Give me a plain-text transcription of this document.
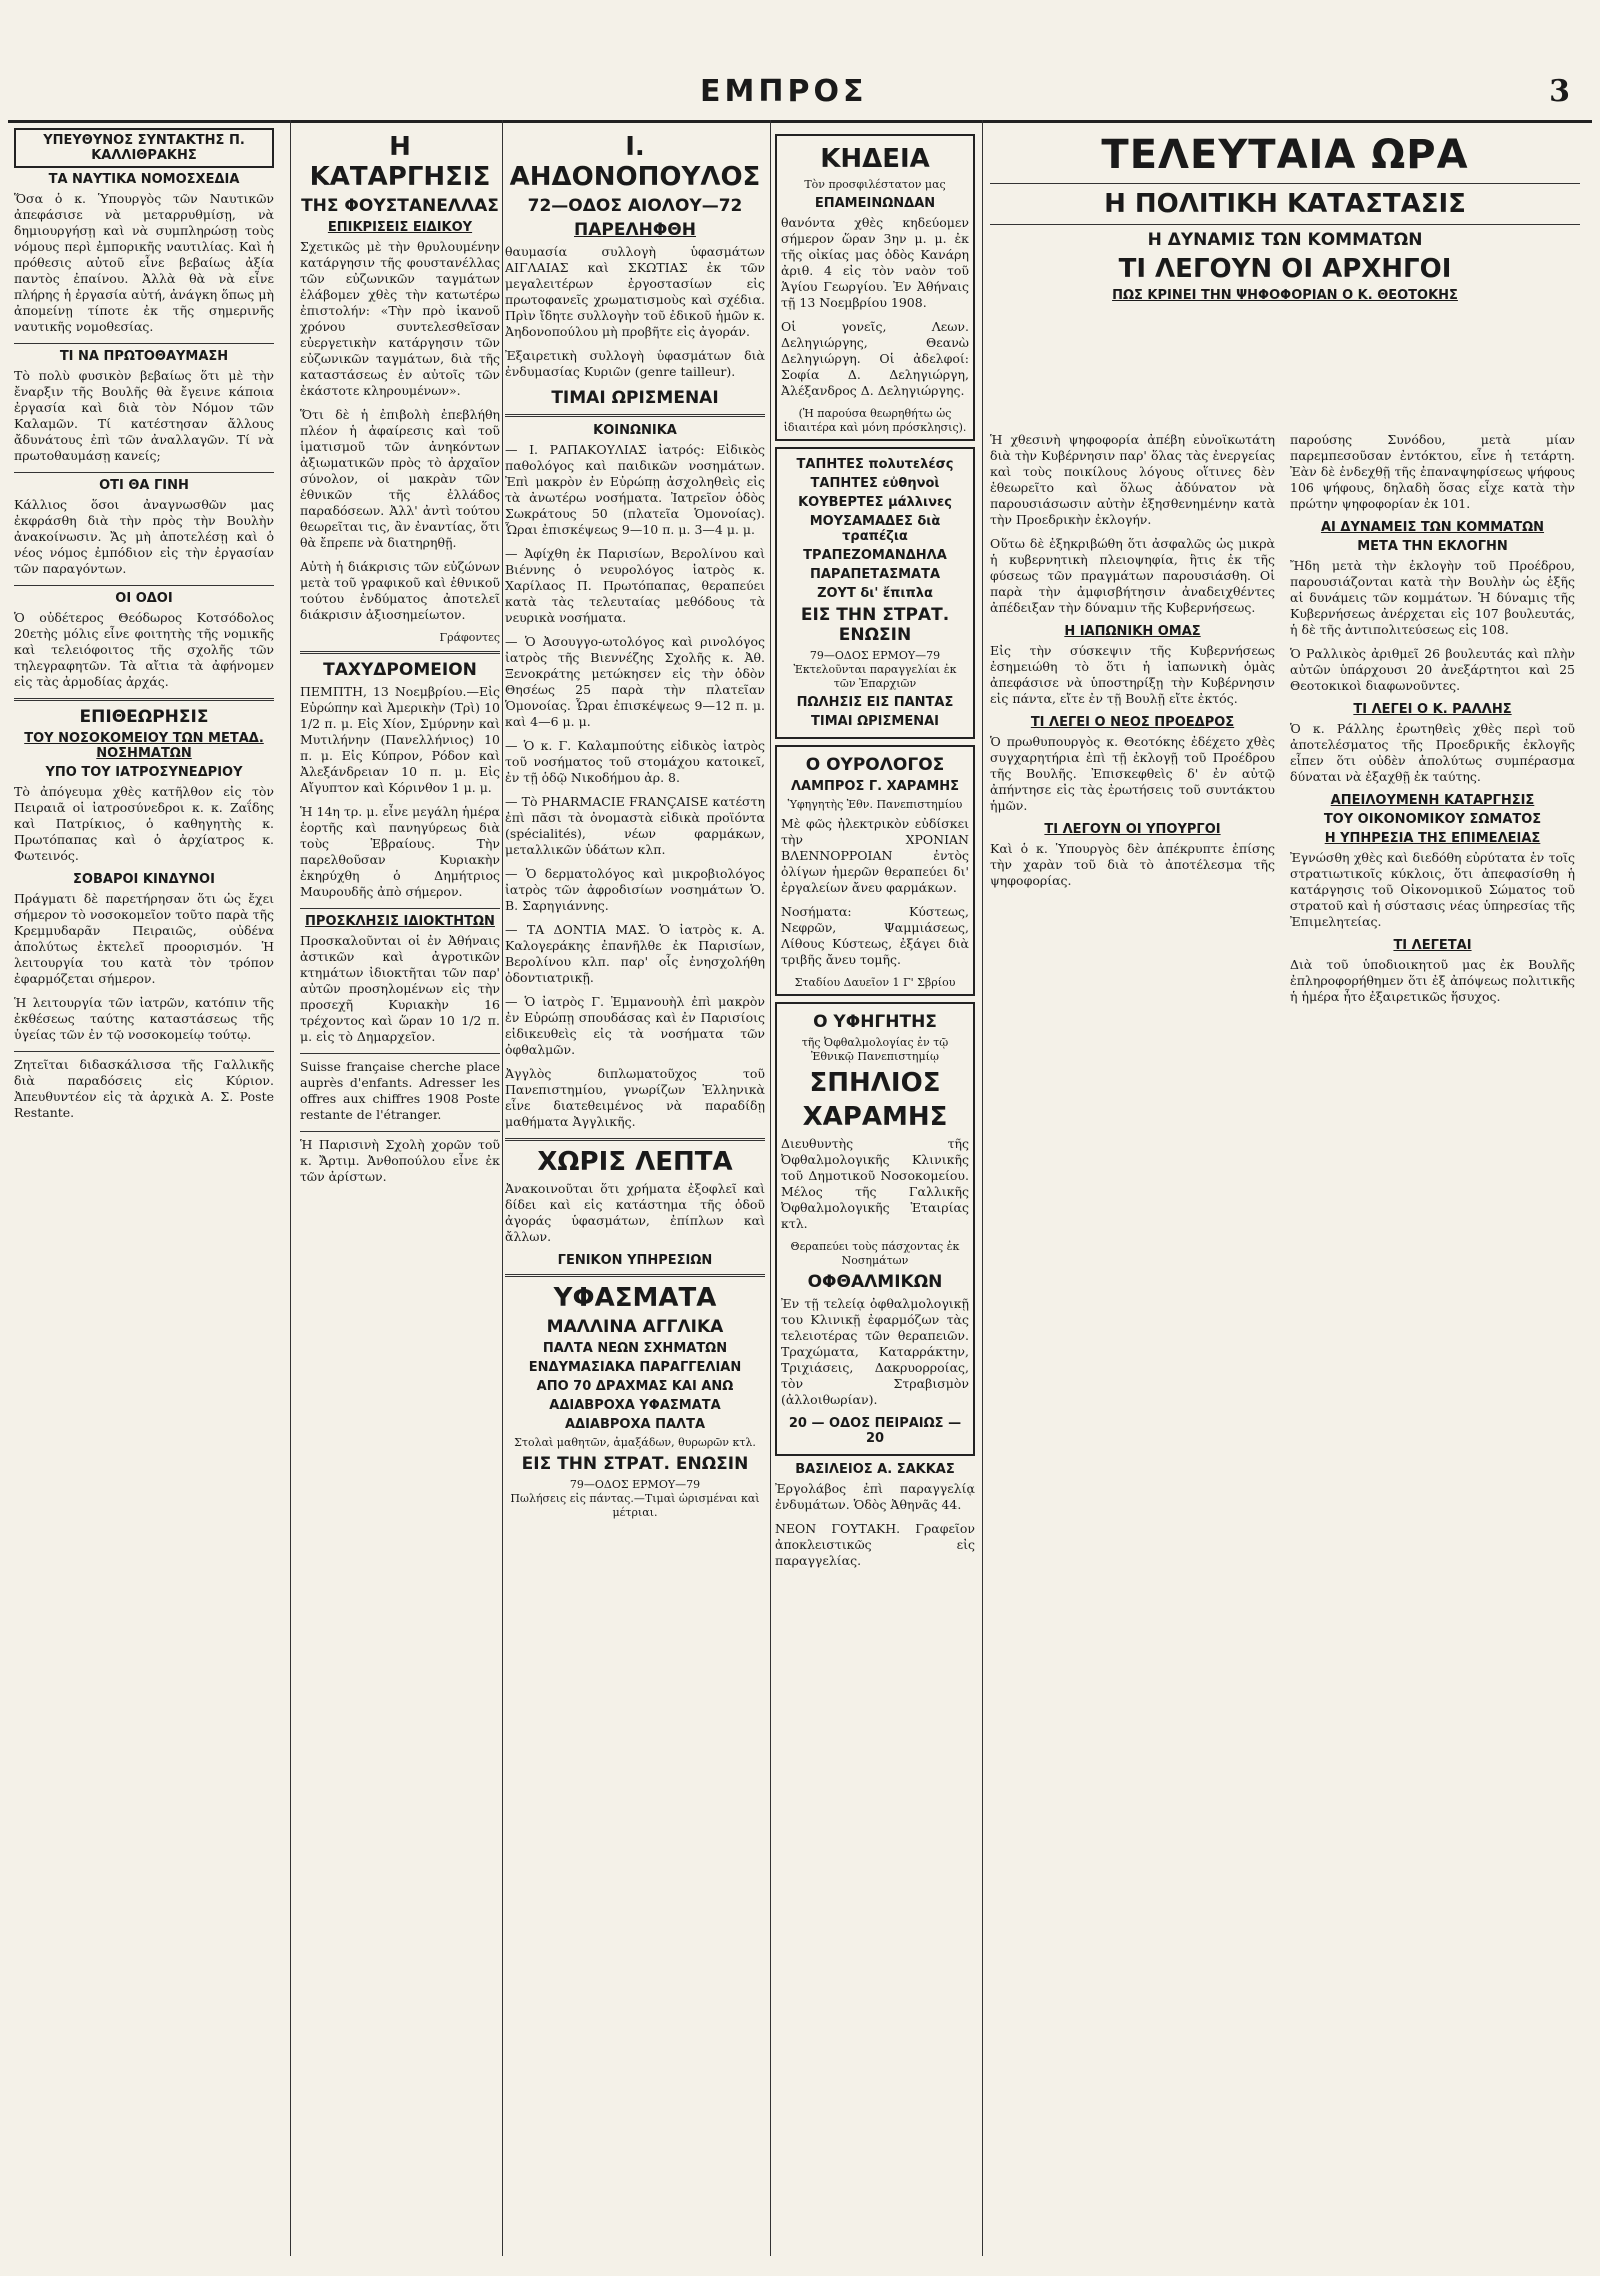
ΕΜΠΡΟΣ	3
ΥΠΕΥΘΥΝΟΣ ΣΥΝΤΑΚΤΗΣ Π. ΚΑΛΛΙΘΡΑΚΗΣ
ΤΑ ΝΑΥΤΙΚΑ ΝΟΜΟΣΧΕΔΙΑ

Ὅσα ὁ κ. Ὑπουργὸς τῶν Ναυτικῶν ἀπεφάσισε νὰ μεταρρυθμίσῃ, νὰ δημιουργήσῃ καὶ νὰ συμπληρώσῃ τοὺς νόμους περὶ ἐμπορικῆς ναυτιλίας. Καὶ ἡ πρόθεσις αὐτοῦ εἶνε βεβαίως ἀξία παντὸς ἐπαίνου. Ἀλλὰ θὰ νὰ εἶνε πλήρης ἡ ἐργασία αὐτή, ἀνάγκη ὅπως μὴ ἀπομείνῃ τίποτε ἐκ τῆς σημερινῆς ναυτικῆς νομοθεσίας.

ΤΙ ΝΑ ΠΡΩΤΟΘΑΥΜΑΣΗ

Τὸ πολὺ φυσικὸν βεβαίως ὅτι μὲ τὴν ἔναρξιν τῆς Βουλῆς θὰ ἔγεινε κάποια ἐργασία καὶ διὰ τὸν Νόμον τῶν Καλαμῶν. Τί κατέστησαν ἄλλους ἄδυνάτους ἐπὶ τῶν ἀναλλαγῶν. Τί νὰ πρωτοθαυμάσῃ κανείς;

ΟΤΙ ΘΑ ΓΙΝΗ

Κάλλιος ὅσοι ἀναγνωσθῶν μας ἐκφράσθη διὰ τὴν πρὸς τὴν Βουλὴν ἀνακοίνωσιν. Ἄς μὴ ἀποτελέσῃ καὶ ὁ νέος νόμος ἐμπόδιον εἰς τὴν ἐργασίαν τῶν παραγόντων.

ΟΙ ΟΔΟΙ

Ὁ οὐδέτερος Θεόδωρος Κοτσόδολος 20ετὴς μόλις εἶνε φοιτητὴς τῆς νομικῆς καὶ τελειόφοιτος τῆς σχολῆς τῶν τηλεγραφητῶν. Τὰ αἴτια τὰ ἀφήνομεν εἰς τὰς ἀρμοδίας ἀρχάς.

ΕΠΙΘΕΩΡΗΣΙΣ
ΤΟΥ ΝΟΣΟΚΟΜΕΙΟΥ ΤΩΝ ΜΕΤΑΔ. ΝΟΣΗΜΑΤΩΝ
ΥΠΟ ΤΟΥ ΙΑΤΡΟΣΥΝΕΔΡΙΟΥ

Τὸ ἀπόγευμα χθὲς κατῆλθον εἰς τὸν Πειραιᾶ οἱ ἰατροσύνεδροι κ. κ. Ζαΐδης καὶ Πατρίκιος, ὁ καθηγητὴς κ. Πρωτόπαπας καὶ ὁ ἀρχίατρος κ. Φωτεινός.

ΣΟΒΑΡΟΙ ΚΙΝΔΥΝΟΙ

Πράγματι δὲ παρετήρησαν ὅτι ὡς ἔχει σήμερον τὸ νοσοκομεῖον τοῦτο παρὰ τῆς Κρεμμυδαρᾶν Πειραιῶς, οὐδένα ἀπολύτως ἐκτελεῖ προορισμόν. Ἡ λειτουργία του κατὰ τὸν τρόπον ἐφαρμόζεται σήμερον.

Ἡ λειτουργία τῶν ἰατρῶν, κατόπιν τῆς ἐκθέσεως ταύτης καταστάσεως τῆς ὑγείας τῶν ἐν τῷ νοσοκομείῳ τούτῳ.

Ζητεῖται διδασκάλισσα τῆς Γαλλικῆς διὰ παραδόσεις εἰς Κύριον. Ἀπευθυντέον εἰς τὰ ἀρχικὰ Α. Σ. Poste Restante.

Η ΚΑΤΑΡΓΗΣΙΣ
ΤΗΣ ΦΟΥΣΤΑΝΕΛΛΑΣ
ΕΠΙΚΡΙΣΕΙΣ ΕΙΔΙΚΟΥ

Σχετικῶς μὲ τὴν θρυλουμένην κατάργησιν τῆς φουστανέλλας τῶν εὐζωνικῶν ταγμάτων ἐλάβομεν χθὲς τὴν κατωτέρω ἐπιστολήν: «Τὴν πρὸ ἱκανοῦ χρόνου συντελεσθεῖσαν εὐεργετικὴν κατάργησιν τῶν εὐζωνικῶν ταγμάτων, διὰ τῆς καταστάσεως ἐν αὐτοῖς τῶν ἐκάστοτε κληρουμένων».

Ὅτι δὲ ἡ ἐπιβολὴ ἐπεβλήθη πλέον ἡ ἀφαίρεσις καὶ τοῦ ἱματισμοῦ τῶν ἀνηκόντων ἀξιωματικῶν πρὸς τὸ ἀρχαῖον σύνολον, οἱ μακρὰν τῶν ἐθνικῶν τῆς ἐλλάδος παραδόσεων. Ἀλλ' ἀντὶ τούτου θεωρεῖται τις, ἂν ἐναντίας, ὅτι θὰ ἔπρεπε νὰ διατηρηθῇ.

Αὐτὴ ἡ διάκρισις τῶν εὐζώνων μετὰ τοῦ γραφικοῦ καὶ ἐθνικοῦ τούτου ἐνδύματος ἀποτελεῖ διάκρισιν ἀξιοσημείωτον.

Γράφοντες
ΤΑΧΥΔΡΟΜΕΙΟΝ

ΠΕΜΠΤΗ, 13 Νοεμβρίου.—Εἰς Εὐρώπην καὶ Ἀμερικὴν (Τρὶ) 10 1/2 π. μ. Εἰς Χίον, Σμύρνην καὶ Μυτιλήνην (Πανελλήνιος) 10 π. μ. Εἰς Κύπρον, Ρόδον καὶ Ἀλεξάνδρειαν 10 π. μ. Εἰς Αἴγυπτον καὶ Κόρινθον 1 μ. μ.

Ἡ 14η τρ. μ. εἶνε μεγάλη ἡμέρα ἑορτῆς καὶ πανηγύρεως διὰ τοὺς Ἑβραίους. Τὴν παρελθοῦσαν Κυριακὴν ἐκηρύχθη ὁ Δημήτριος Μαυρουδῆς ἀπὸ σήμερον.

ΠΡΟΣΚΛΗΣΙΣ ΙΔΙΟΚΤΗΤΩΝ

Προσκαλοῦνται οἱ ἐν Ἀθήναις ἀστικῶν καὶ ἀγροτικῶν κτημάτων ἰδιοκτῆται τῶν παρ' αὐτῶν προσηλομένων εἰς τὴν προσεχῆ Κυριακὴν 16 τρέχοντος καὶ ὥραν 10 1/2 π. μ. εἰς τὸ Δημαρχεῖον.

Suisse française cherche place auprès d'enfants. Adresser les offres aux chiffres 1908 Poste restante de l'étranger.

Ἡ Παρισινὴ Σχολὴ χορῶν τοῦ κ. Ἄρτιμ. Ἀνθοπούλου εἶνε ἐκ τῶν ἀρίστων.

Ι. ΑΗΔΟΝΟΠΟΥΛΟΣ
72—ΟΔΟΣ ΑΙΟΛΟΥ—72
ΠΑΡΕΛΗΦΘΗ

θαυμασία συλλογὴ ὑφασμάτων ΑΙΓΛΑΙΑΣ καὶ ΣΚΩΤΙΑΣ ἐκ τῶν μεγαλειτέρων ἐργοστασίων εἰς πρωτοφανεῖς χρωματισμοὺς καὶ σχέδια. Πρὶν ἴδητε συλλογὴν τοῦ ἐδικοῦ ἡμῶν κ. Ἀηδονοπούλου μὴ προβῆτε εἰς ἀγοράν.

Ἐξαιρετικὴ συλλογὴ ὑφασμάτων διὰ ἐνδυμασίας Κυριῶν (genre tailleur).

ΤΙΜΑΙ ΩΡΙΣΜΕΝΑΙ
ΚΟΙΝΩΝΙΚΑ

— Ι. ΡΑΠΑΚΟΥΛΙΑΣ ἰατρός: Εἰδικὸς παθολόγος καὶ παιδικῶν νοσημάτων. Ἐπὶ μακρὸν ἐν Εὐρώπῃ ἀσχοληθεὶς εἰς τὰ ἀνωτέρω νοσήματα. Ἰατρεῖον ὁδὸς Σωκράτους 50 (πλατεῖα Ὁμονοίας). Ὧραι ἐπισκέψεως 9—10 π. μ. 3—4 μ. μ.

— Ἀφίχθη ἐκ Παρισίων, Βερολίνου καὶ Βιέννης ὁ νευρολόγος ἰατρὸς κ. Χαρίλαος Π. Πρωτόπαπας, θεραπεύει κατὰ τὰς τελευταίας μεθόδους τὰ νευρικὰ νοσήματα.

— Ὁ Ἀσουγγο-ωτολόγος καὶ ρινολόγος ἰατρὸς τῆς Βιεννέζης Σχολῆς κ. Ἀθ. Ξενοκράτης μετώκησεν εἰς τὴν ὁδὸν Θησέως 25 παρὰ τὴν πλατεῖαν Ὁμονοίας. Ὧραι ἐπισκέψεως 9—12 π. μ. καὶ 4—6 μ. μ.

— Ὁ κ. Γ. Καλαμπούτης εἰδικὸς ἰατρὸς τοῦ νοσήματος τοῦ στομάχου κατοικεῖ, ἐν τῇ ὁδῷ Νικοδήμου ἀρ. 8.

— Τὸ PHARMACIE FRANÇAISE κατέστη ἐπὶ πᾶσι τὰ ὀνομαστὰ εἰδικὰ προϊόντα (spécialités), νέων φαρμάκων, μεταλλικῶν ὑδάτων κλπ.

— Ὁ δερματολόγος καὶ μικροβιολόγος ἰατρὸς τῶν ἀφροδισίων νοσημάτων Ὁ. Β. Σαρηγιάννης.

— ΤΑ ΔΟΝΤΙΑ ΜΑΣ. Ὁ ἰατρὸς κ. Α. Καλογεράκης ἐπανῆλθε ἐκ Παρισίων, Βερολίνου κλπ. παρ' οἷς ἐνησχολήθη ὀδοντιατρικῇ.

— Ὁ ἰατρὸς Γ. Ἐμμανουὴλ ἐπὶ μακρὸν ἐν Εὐρώπῃ σπουδάσας καὶ ἐν Παρισίοις εἰδικευθεὶς εἰς τὰ νοσήματα τῶν ὀφθαλμῶν.

Ἀγγλὸς διπλωματοῦχος τοῦ Πανεπιστημίου, γνωρίζων Ἑλληνικὰ εἶνε διατεθειμένος νὰ παραδίδῃ μαθήματα Ἀγγλικῆς.

ΧΩΡΙΣ ΛΕΠΤΑ

Ἀνακοινοῦται ὅτι χρήματα ἐξοφλεῖ καὶ δίδει καὶ εἰς κατάστημα τῆς ὁδοῦ ἀγοράς ὑφασμάτων, ἐπίπλων καὶ ἄλλων.

ΓΕΝΙΚΟΝ ΥΠΗΡΕΣΙΩΝ
ΥΦΑΣΜΑΤΑ
ΜΑΛΛΙΝΑ ΑΓΓΛΙΚΑ
ΠΑΛΤΑ ΝΕΩΝ ΣΧΗΜΑΤΩΝ
ΕΝΔΥΜΑΣΙΑΚΑ ΠΑΡΑΓΓΕΛΙΑΝ
ΑΠΟ 70 ΔΡΑΧΜΑΣ ΚΑΙ ΑΝΩ
ΑΔΙΑΒΡΟΧΑ ΥΦΑΣΜΑΤΑ
ΑΔΙΑΒΡΟΧΑ ΠΑΛΤΑ
Στολαὶ μαθητῶν, ἀμαξάδων, θυρωρῶν κτλ.
ΕΙΣ ΤΗΝ ΣΤΡΑΤ. ΕΝΩΣΙΝ
79—ΟΔΟΣ ΕΡΜΟΥ—79
Πωλήσεις εἰς πάντας.—Τιμαὶ ὡρισμέναι καὶ μέτριαι.
ΚΗΔΕΙΑ
Τὸν προσφιλέστατον μας
ΕΠΑΜΕΙΝΩΝΔΑΝ

θανόντα χθὲς κηδεύομεν σήμερον ὥραν 3ην μ. μ. ἐκ τῆς οἰκίας μας ὁδὸς Κανάρη ἀριθ. 4 εἰς τὸν ναὸν τοῦ Ἁγίου Γεωργίου. Ἐν Ἀθήναις τῇ 13 Νοεμβρίου 1908.

Οἱ γονεῖς, Λεων. Δεληγιώργης, Θεανὼ Δεληγιώργη. Οἱ ἀδελφοί: Σοφία Δ. Δεληγιώργη, Ἀλέξανδρος Δ. Δεληγιώργης.

(Ἡ παρούσα θεωρηθήτω ὡς ἰδιαιτέρα καὶ μόνη πρόσκλησις).
ΤΑΠΗΤΕΣ πολυτελέσς
ΤΑΠΗΤΕΣ εὐθηνοὶ
ΚΟΥΒΕΡΤΕΣ μάλλινες
ΜΟΥΣΑΜΑΔΕΣ διὰ τραπέζια
ΤΡΑΠΕΖΟΜΑΝΔΗΛΑ
ΠΑΡΑΠΕΤΑΣΜΑΤΑ
ΖΟΥΤ δι' ἔπιπλα
ΕΙΣ ΤΗΝ ΣΤΡΑΤ. ΕΝΩΣΙΝ
79—ΟΔΟΣ ΕΡΜΟΥ—79
Ἐκτελοῦνται παραγγελίαι ἐκ τῶν Ἐπαρχιῶν
ΠΩΛΗΣΙΣ ΕΙΣ ΠΑΝΤΑΣ
ΤΙΜΑΙ ΩΡΙΣΜΕΝΑΙ
Ο ΟΥΡΟΛΟΓΟΣ
ΛΑΜΠΡΟΣ Γ. ΧΑΡΑΜΗΣ
Ὑφηγητὴς Ἐθν. Πανεπιστημίου

Μὲ φῶς ἠλεκτρικὸν εὐδίσκει τὴν ΧΡΟΝΙΑΝ ΒΛΕΝΝΟΡΡΟΙΑΝ ἐντὸς ὀλίγων ἡμερῶν θεραπεύει δι' ἐργαλείων ἄνευ φαρμάκων.

Νοσήματα: Κύστεως, Νεφρῶν, Ψαμμιάσεως, Λίθους Κύστεως, ἐξάγει διὰ τριβῆς ἄνευ τομῆς.

Σταδίου Δαυεῖον 1 Γ' Σβρίου
Ο ΥΦΗΓΗΤΗΣ
τῆς Ὀφθαλμολογίας ἐν τῷ Ἐθνικῷ Πανεπιστημίῳ
ΣΠΗΛΙΟΣ
ΧΑΡΑΜΗΣ

Διευθυντὴς τῆς Ὀφθαλμολογικῆς Κλινικῆς τοῦ Δημοτικοῦ Νοσοκομείου. Μέλος τῆς Γαλλικῆς Ὀφθαλμολογικῆς Ἑταιρίας κτλ.

Θεραπεύει τοὺς πάσχοντας ἐκ Νοσημάτων
ΟΦΘΑΛΜΙΚΩΝ

Ἐν τῇ τελείᾳ ὀφθαλμολογικῇ του Κλινικῇ ἐφαρμόζων τὰς τελειοτέρας τῶν θεραπειῶν. Τραχώματα, Καταρράκτην, Τριχιάσεις, Δακρυορροίας, τὸν Στραβισμὸν (ἀλλοιθωρίαν).

20 — ΟΔΟΣ ΠΕΙΡΑΙΩΣ — 20
ΒΑΣΙΛΕΙΟΣ Α. ΣΑΚΚΑΣ

Ἐργολάβος ἐπὶ παραγγελίᾳ ἐνδυμάτων. Ὁδὸς Ἀθηνᾶς 44.

ΝΕΟΝ ΓΟΥΤΑΚΗ. Γραφεῖον ἀποκλειστικῶς εἰς παραγγελίας.

ΤΕΛΕΥΤΑΙΑ ΩΡΑ
Η ΠΟΛΙΤΙΚΗ ΚΑΤΑΣΤΑΣΙΣ
Η ΔΥΝΑΜΙΣ ΤΩΝ ΚΟΜΜΑΤΩΝ
ΤΙ ΛΕΓΟΥΝ ΟΙ ΑΡΧΗΓΟΙ
ΠΩΣ ΚΡΙΝΕΙ ΤΗΝ ΨΗΦΟΦΟΡΙΑΝ Ο Κ. ΘΕΟΤΟΚΗΣ

Ἡ χθεσινὴ ψηφοφορία ἀπέβη εὐνοϊκωτάτη διὰ τὴν Κυβέρνησιν παρ' ὅλας τὰς ἐνεργείας καὶ τοὺς ποικίλους λόγους οἵτινες δὲν ἐθεωρεῖτο καὶ ὅλως ἀδύνατον νὰ παρουσιάσωσιν αὐτὴν ἐξησθενημένην κατὰ τὴν Προεδρικὴν ἐκλογήν.

Οὕτω δὲ ἐξηκριβώθη ὅτι ἀσφαλῶς ὡς μικρὰ ἡ κυβερνητικὴ πλειοψηφία, ἣτις ἐκ τῆς φύσεως τῶν πραγμάτων παρουσιάσθη. Οἱ παρὰ τὴν ἀμφισβήτησιν ἀναδειχθέντες ἀπέδειξαν τὴν δύναμιν τῆς Κυβερνήσεως.

Η ΙΑΠΩΝΙΚΗ ΟΜΑΣ

Εἰς τὴν σύσκεψιν τῆς Κυβερνήσεως ἐσημειώθη τὸ ὅτι ἡ ἰαπωνικὴ ὁμὰς ἀπεφάσισε νὰ ὑποστηρίξῃ τὴν Κυβέρνησιν εἰς πάντα, εἴτε ἐν τῇ Βουλῇ εἴτε ἐκτός.

ΤΙ ΛΕΓΕΙ Ο ΝΕΟΣ ΠΡΟΕΔΡΟΣ

Ὁ πρωθυπουργὸς κ. Θεοτόκης ἐδέχετο χθὲς συγχαρητήρια ἐπὶ τῇ ἐκλογῇ τοῦ Προέδρου τῆς Βουλῆς. Ἐπισκεφθεὶς δ' ἐν αὐτῷ ἀπήντησε εἰς τὰς ἐρωτήσεις τοῦ συντάκτου ἡμῶν.

ΤΙ ΛΕΓΟΥΝ ΟΙ ΥΠΟΥΡΓΟΙ

Καὶ ὁ κ. Ὑπουργὸς δὲν ἀπέκρυπτε ἐπίσης τὴν χαρὰν τοῦ διὰ τὸ ἀποτέλεσμα τῆς ψηφοφορίας.

παρούσης Συνόδου, μετὰ μίαν παρεμπεσοῦσαν ἐντόκτου, εἶνε ἡ τετάρτη. Ἐὰν δὲ ἐνδεχθῇ τῆς ἐπαναψηφίσεως ψήφους 106 ψήφους, δηλαδὴ ὅσας εἶχε κατὰ τὴν πρώτην ψηφοφορίαν ἐκ 101.

ΑΙ ΔΥΝΑΜΕΙΣ ΤΩΝ ΚΟΜΜΑΤΩΝ
ΜΕΤΑ ΤΗΝ ΕΚΛΟΓΗΝ

Ἤδη μετὰ τὴν ἐκλογὴν τοῦ Προέδρου, παρουσιάζονται κατὰ τὴν Βουλὴν ὡς ἑξῆς αἱ δυνάμεις τῶν κομμάτων. Ἡ δύναμις τῆς Κυβερνήσεως ἀνέρχεται εἰς 107 βουλευτάς, ἡ δὲ τῆς ἀντιπολιτεύσεως εἰς 108.

Ὁ Ραλλικὸς ἀριθμεῖ 26 βουλευτάς καὶ πλὴν αὐτῶν ὑπάρχουσι 20 ἀνεξάρτητοι καὶ 25 Θεοτοκικοὶ διαφωνοῦντες.

ΤΙ ΛΕΓΕΙ Ο Κ. ΡΑΛΛΗΣ

Ὁ κ. Ράλλης ἐρωτηθεὶς χθὲς περὶ τοῦ ἀποτελέσματος τῆς Προεδρικῆς ἐκλογῆς εἶπεν ὅτι οὐδὲν ἀπολύτως συμπέρασμα δύναται νὰ ἐξαχθῇ ἐκ ταύτης.

ΑΠΕΙΛΟΥΜΕΝΗ ΚΑΤΑΡΓΗΣΙΣ
ΤΟΥ ΟΙΚΟΝΟΜΙΚΟΥ ΣΩΜΑΤΟΣ
Η ΥΠΗΡΕΣΙΑ ΤΗΣ ΕΠΙΜΕΛΕΙΑΣ

Ἐγνώσθη χθὲς καὶ διεδόθη εὐρύτατα ἐν τοῖς στρατιωτικοῖς κύκλοις, ὅτι ἀπεφασίσθη ἡ κατάργησις τοῦ Οἰκονομικοῦ Σώματος τοῦ στρατοῦ καὶ ἡ σύστασις νέας ὑπηρεσίας τῆς Ἐπιμελητείας.

ΤΙ ΛΕΓΕΤΑΙ

Διὰ τοῦ ὑποδιοικητοῦ μας ἐκ Βουλῆς ἐπληροφορήθημεν ὅτι ἐξ ἀπόψεως πολιτικῆς ἡ ἡμέρα ἦτο ἐξαιρετικῶς ἥσυχος.
